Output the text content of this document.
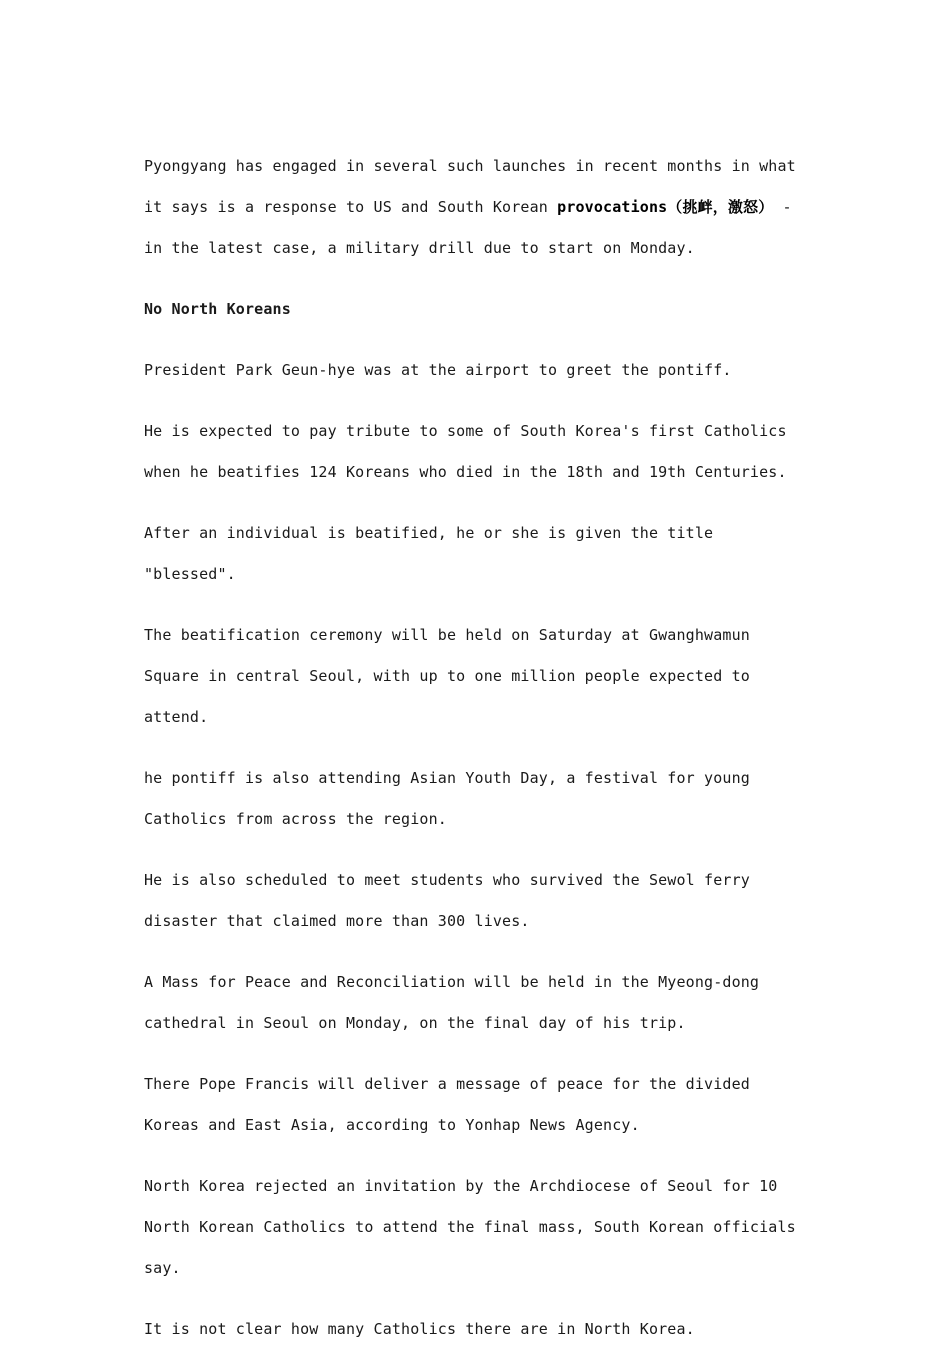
Pyongyang has engaged in several such launches in recent months in what it says is a response to US and South Korean provocations（挑衅，激怒） - in the latest case, a military drill due to start on Monday.

No North Koreans

President Park Geun-hye was at the airport to greet the pontiff.

He is expected to pay tribute to some of South Korea's first Catholics when he beatifies 124 Koreans who died in the 18th and 19th Centuries.

After an individual is beatified, he or she is given the title "blessed".

The beatification ceremony will be held on Saturday at Gwanghwamun Square in central Seoul, with up to one million people expected to attend.

he pontiff is also attending Asian Youth Day, a festival for young Catholics from across the region.

He is also scheduled to meet students who survived the Sewol ferry disaster that claimed more than 300 lives.

A Mass for Peace and Reconciliation will be held in the Myeong-dong cathedral in Seoul on Monday, on the final day of his trip.

There Pope Francis will deliver a message of peace for the divided Koreas and East Asia, according to Yonhap News Agency.

North Korea rejected an invitation by the Archdiocese of Seoul for 10 North Korean Catholics to attend the final mass, South Korean officials say.

It is not clear how many Catholics there are in North Korea.
